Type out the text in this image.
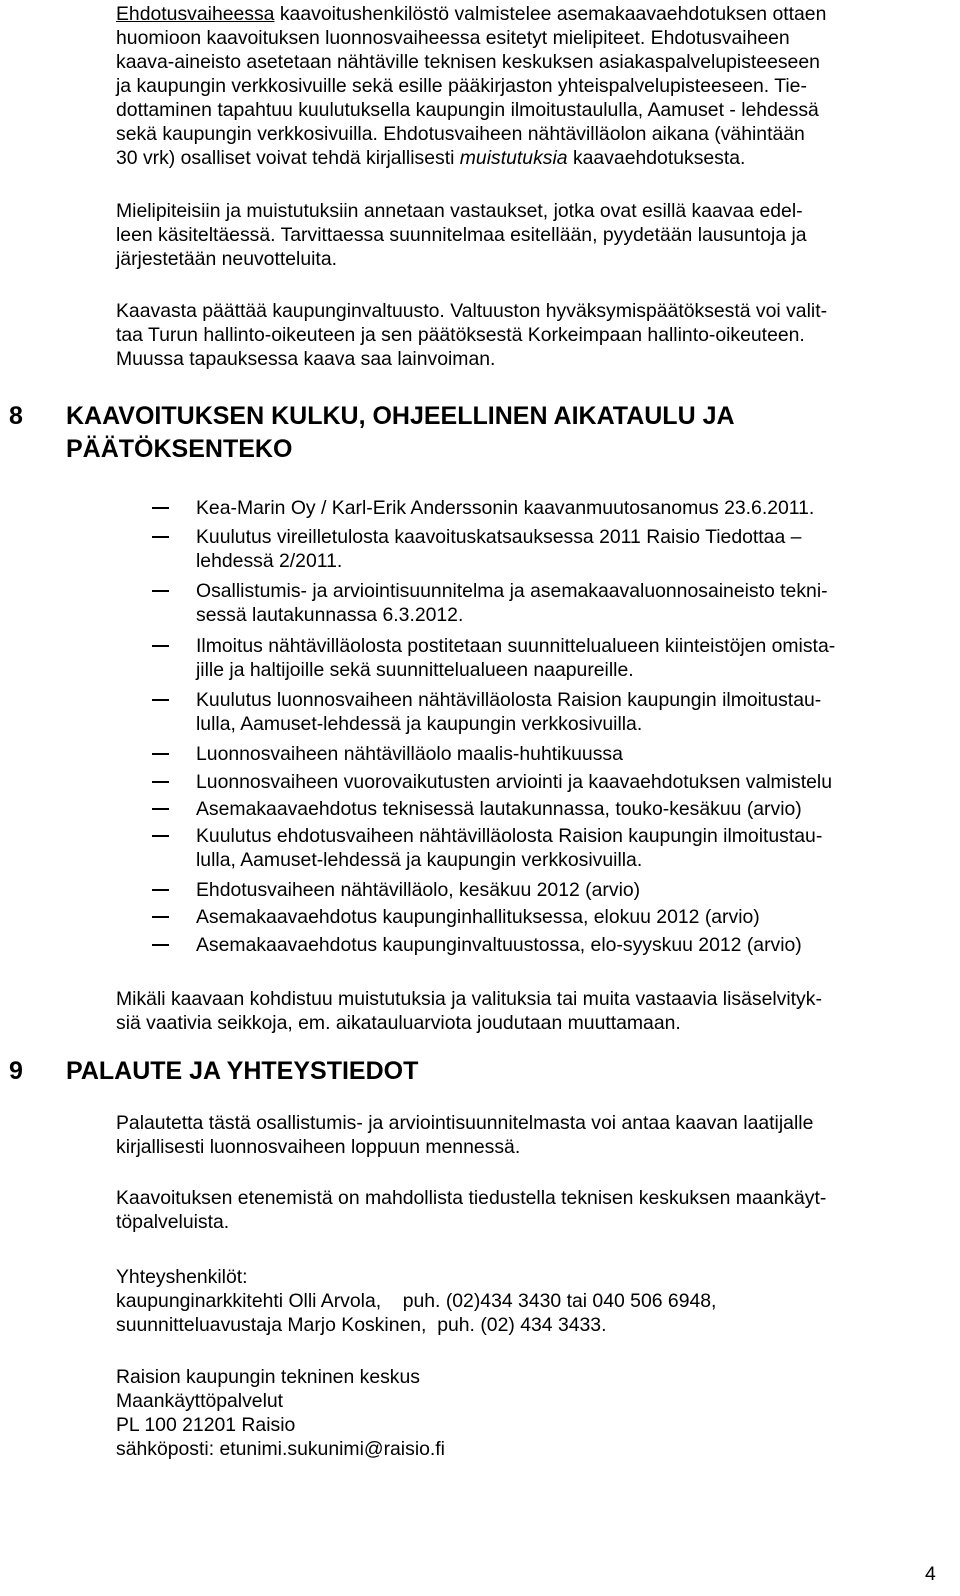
Ehdotusvaiheessa kaavoitushenkilöstö valmistelee asemakaavaehdotuksen ottaen
huomioon kaavoituksen luonnosvaiheessa esitetyt mielipiteet. Ehdotusvaiheen
kaava-aineisto asetetaan nähtäville teknisen keskuksen asiakaspalvelupisteeseen
ja kaupungin verkkosivuille sekä esille pääkirjaston yhteispalvelupisteeseen. Tie-
dottaminen tapahtuu kuulutuksella kaupungin ilmoitustaululla, Aamuset - lehdessä
sekä kaupungin verkkosivuilla. Ehdotusvaiheen nähtävilläolon aikana (vähintään
30 vrk) osalliset voivat tehdä kirjallisesti muistutuksia kaavaehdotuksesta.
Mielipiteisiin ja muistutuksiin annetaan vastaukset, jotka ovat esillä kaavaa edel-
leen käsiteltäessä. Tarvittaessa suunnitelmaa esitellään, pyydetään lausuntoja ja
järjestetään neuvotteluita.
Kaavasta päättää kaupunginvaltuusto. Valtuuston hyväksymispäätöksestä voi valit-
taa Turun hallinto-oikeuteen ja sen päätöksestä Korkeimpaan hallinto-oikeuteen.
Muussa tapauksessa kaava saa lainvoiman.
8 KAAVOITUKSEN KULKU, OHJEELLINEN AIKATAULU JA
PÄÄTÖKSENTEKO
Kea-Marin Oy / Karl-Erik Anderssonin kaavanmuutosanomus 23.6.2011.
Kuulutus vireilletulosta kaavoituskatsauksessa 2011 Raisio Tiedottaa –
lehdessä 2/2011.
Osallistumis- ja arviointisuunnitelma ja asemakaavaluonnosaineisto tekni-
sessä lautakunnassa 6.3.2012.
Ilmoitus nähtävilläolosta postitetaan suunnittelualueen kiinteistöjen omista-
jille ja haltijoille sekä suunnittelualueen naapureille.
Kuulutus luonnosvaiheen nähtävilläolosta Raision kaupungin ilmoitustau-
lulla, Aamuset-lehdessä ja kaupungin verkkosivuilla.
Luonnosvaiheen nähtävilläolo maalis-huhtikuussa
Luonnosvaiheen vuorovaikutusten arviointi ja kaavaehdotuksen valmistelu
Asemakaavaehdotus teknisessä lautakunnassa, touko-kesäkuu (arvio)
Kuulutus ehdotusvaiheen nähtävilläolosta Raision kaupungin ilmoitustau-
lulla, Aamuset-lehdessä ja kaupungin verkkosivuilla.
Ehdotusvaiheen nähtävilläolo, kesäkuu 2012 (arvio)
Asemakaavaehdotus kaupunginhallituksessa, elokuu 2012 (arvio)
Asemakaavaehdotus kaupunginvaltuustossa, elo-syyskuu 2012 (arvio)
Mikäli kaavaan kohdistuu muistutuksia ja valituksia tai muita vastaavia lisäselvityk-
siä vaativia seikkoja, em. aikatauluarviota joudutaan muuttamaan.
9 PALAUTE JA YHTEYSTIEDOT
Palautetta tästä osallistumis- ja arviointisuunnitelmasta voi antaa kaavan laatijalle
kirjallisesti luonnosvaiheen loppuun mennessä.
Kaavoituksen etenemistä on mahdollista tiedustella teknisen keskuksen maankäyt-
töpalveluista.
Yhteyshenkilöt:
kaupunginarkkitehti Olli Arvola,    puh. (02)434 3430 tai 040 506 6948,
suunnitteluavustaja Marjo Koskinen,  puh. (02) 434 3433.
Raision kaupungin tekninen keskus
Maankäyttöpalvelut
PL 100 21201 Raisio
sähköposti: etunimi.sukunimi@raisio.fi
4
